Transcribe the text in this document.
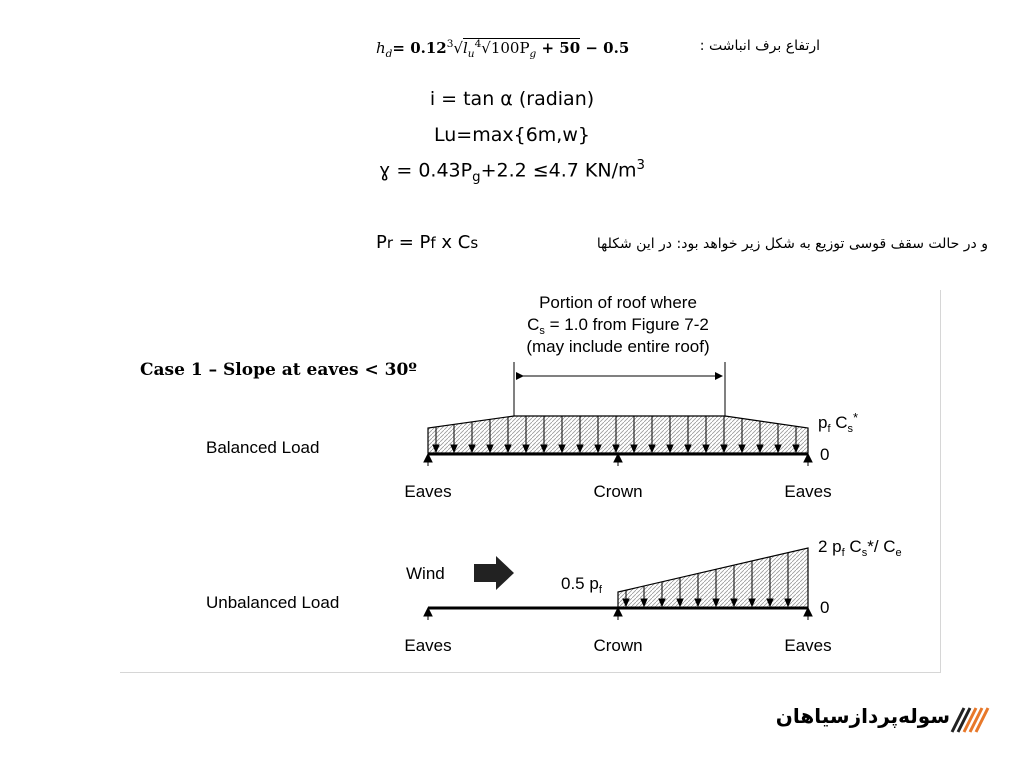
$h_d= 0.12^3√l_u^4√100P_g + 50 - 0.5$	ارتفاع برف انباشت :
i = tan α (radian)
Lu=max{6m,w}
ɣ = $0.43P_g+2.2 \le 4.7$ $KN/m^3$
Pr = Pf x Cs	و در حالت سقف قوسی توزیع به شکل زیر خواهد بود: در این شکلها
Case 1 – Slope at eaves < 30º
Portion of roof where
$C_s = 1.0$ from Figure 7-2
(may include entire roof)
Balanced Load
$p_f$ $C_s^*$
0
Eaves	Crown	Eaves
Wind
0.5 $p_f$
Unbalanced Load
2 $p_f$ $C_s*/$ $C_e$
0
Eaves	Crown	Eaves
سوله‌پردازسیاهان
